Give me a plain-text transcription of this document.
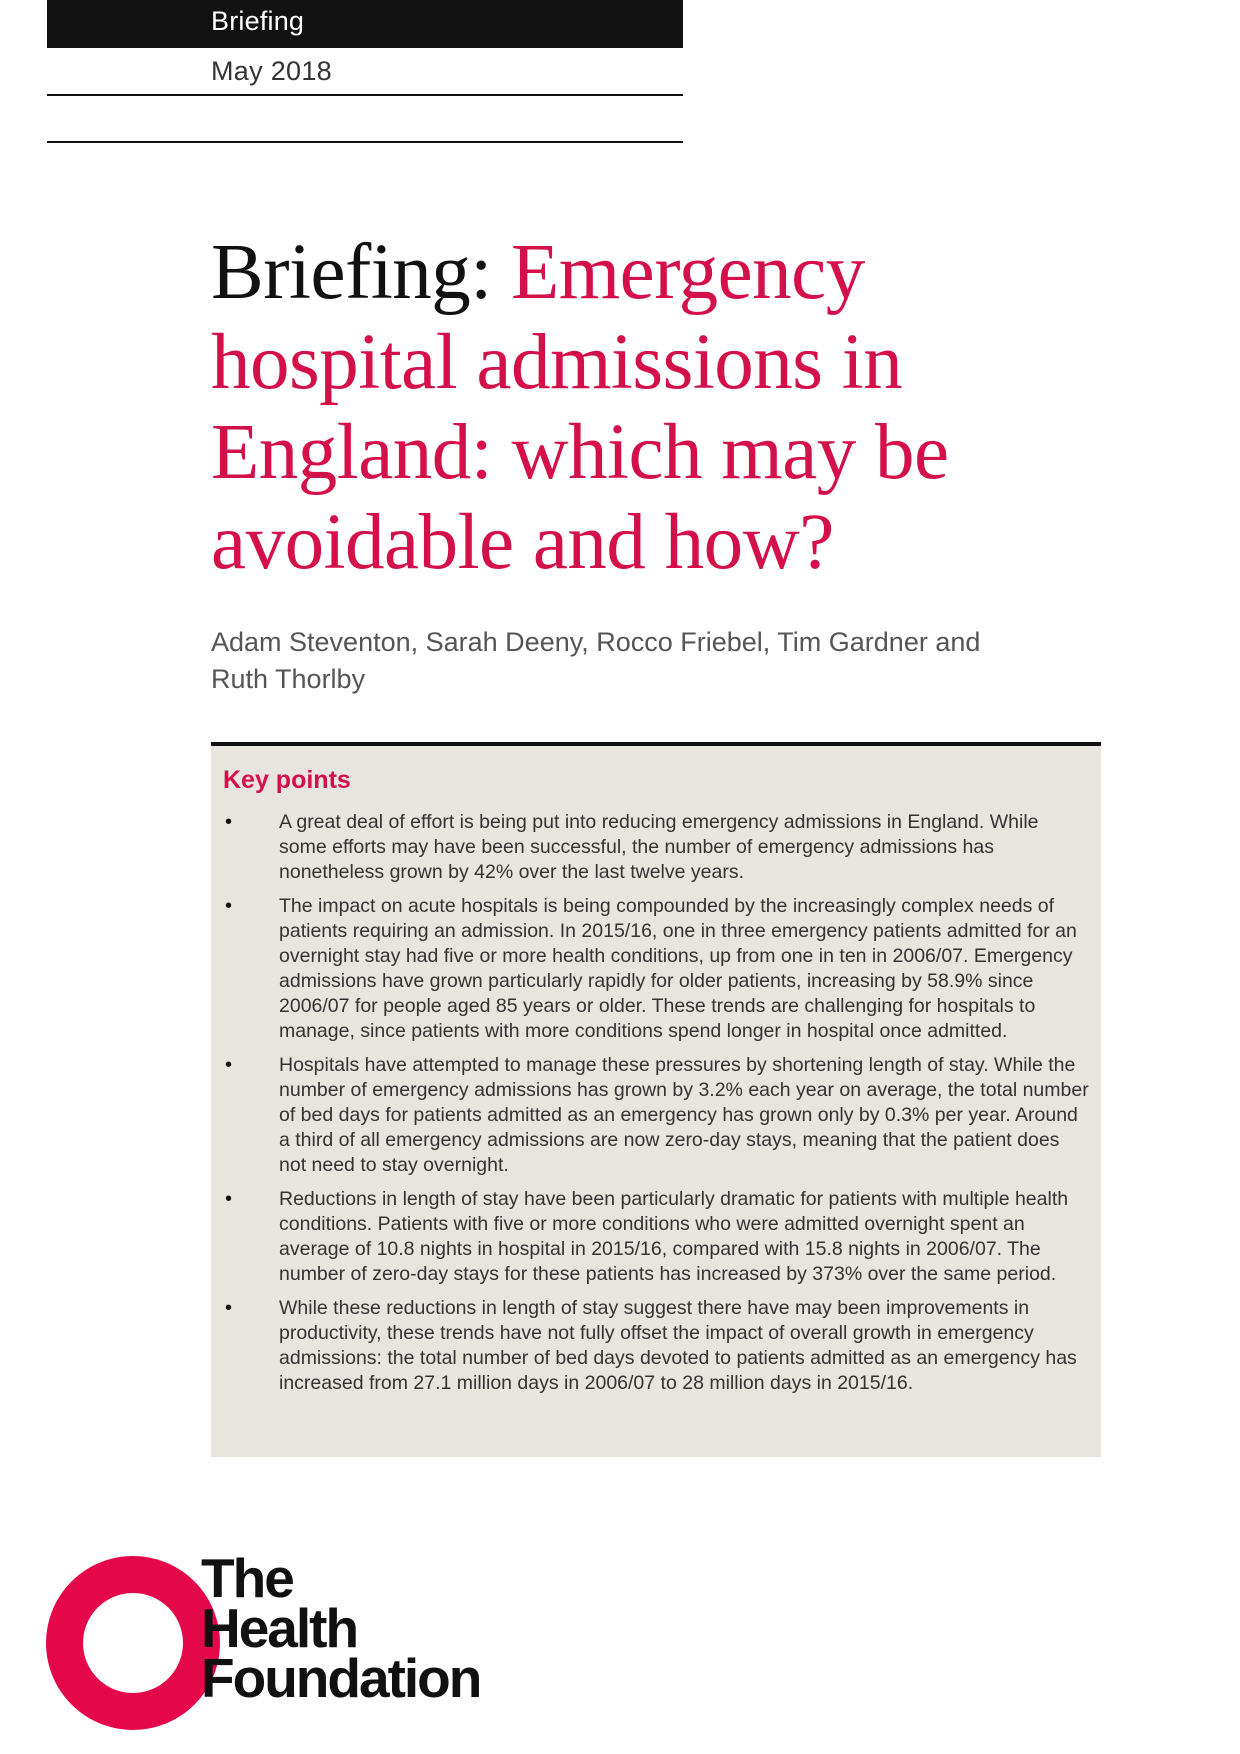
Briefing
May 2018
Briefing: Emergency hospital admissions in England: which may be avoidable and how?

Adam Steventon, Sarah Deeny, Rocco Friebel, Tim Gardner and Ruth Thorlby

Key points
• A great deal of effort is being put into reducing emergency admissions in England. While some efforts may have been successful, the number of emergency admissions has nonetheless grown by 42% over the last twelve years.
• The impact on acute hospitals is being compounded by the increasingly complex needs of patients requiring an admission. In 2015/16, one in three emergency patients admitted for an overnight stay had five or more health conditions, up from one in ten in 2006/07. Emergency admissions have grown particularly rapidly for older patients, increasing by 58.9% since 2006/07 for people aged 85 years or older. These trends are challenging for hospitals to manage, since patients with more conditions spend longer in hospital once admitted.
• Hospitals have attempted to manage these pressures by shortening length of stay. While the number of emergency admissions has grown by 3.2% each year on average, the total number of bed days for patients admitted as an emergency has grown only by 0.3% per year. Around a third of all emergency admissions are now zero-day stays, meaning that the patient does not need to stay overnight.
• Reductions in length of stay have been particularly dramatic for patients with multiple health conditions. Patients with five or more conditions who were admitted overnight spent an average of 10.8 nights in hospital in 2015/16, compared with 15.8 nights in 2006/07. The number of zero-day stays for these patients has increased by 373% over the same period.
• While these reductions in length of stay suggest there have may been improvements in productivity, these trends have not fully offset the impact of overall growth in emergency admissions: the total number of bed days devoted to patients admitted as an emergency has increased from 27.1 million days in 2006/07 to 28 million days in 2015/16.
The
Health
Foundation
